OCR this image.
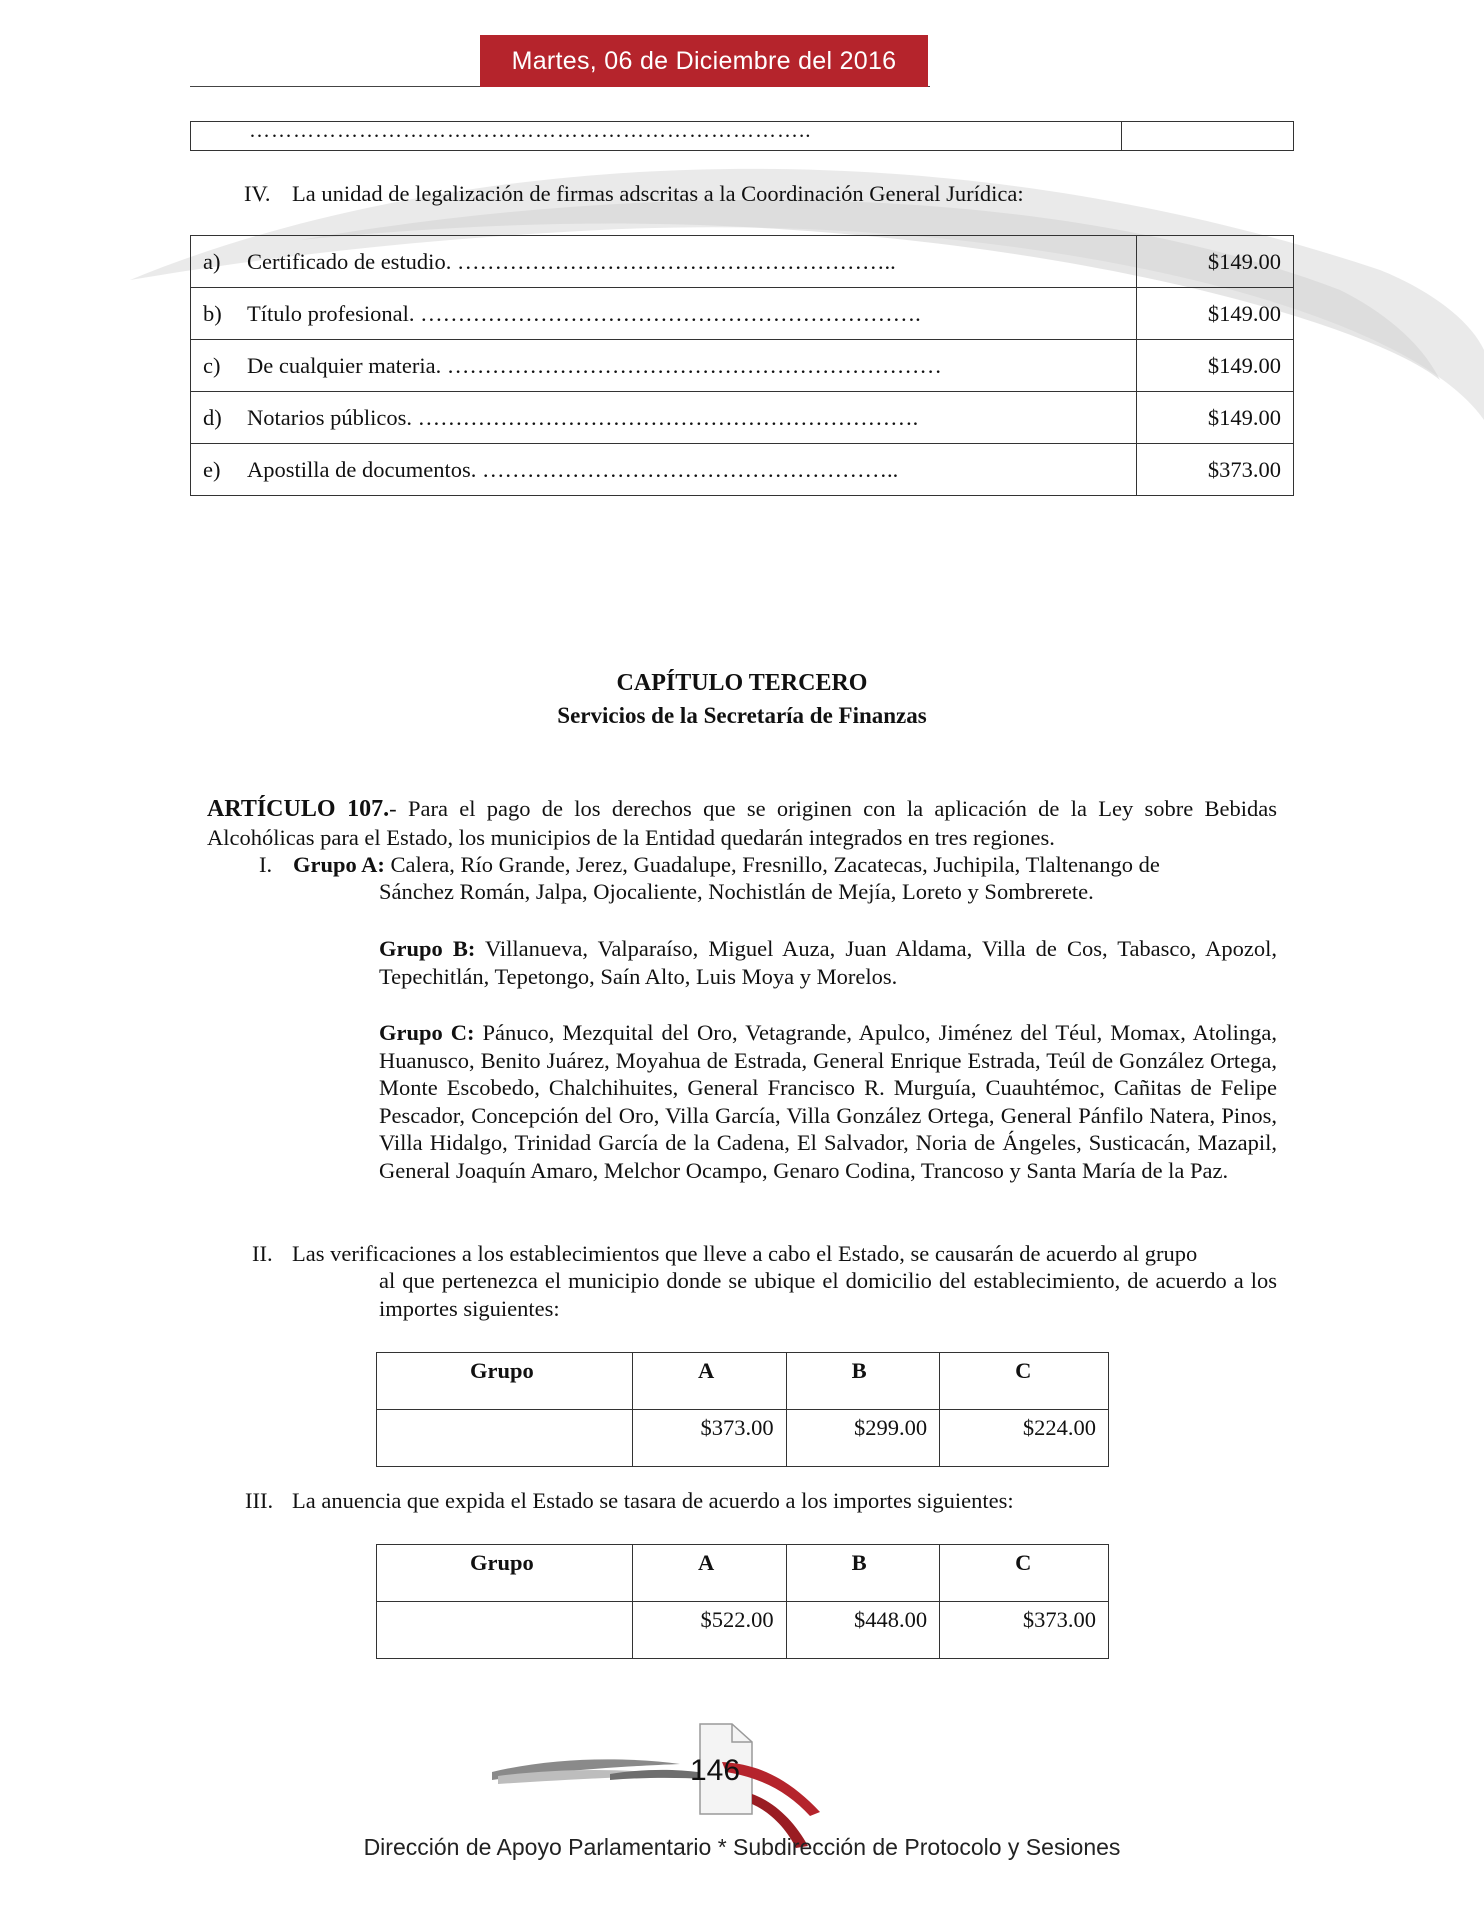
Martes, 06 de Diciembre del 2016
…………………………………………………………………..
IV. La unidad de legalización de firmas adscritas a la Coordinación General Jurídica:
a) Certificado de estudio. …………………………………………………..	$149.00
b) Título profesional. ………………………………………………………….	$149.00
c) De cualquier materia. …………………………………………………………	$149.00
d) Notarios públicos. ………………………………………………………….	$149.00
e) Apostilla de documentos. ………………………………………………..	$373.00
CAPÍTULO TERCERO
Servicios de la Secretaría de Finanzas
ARTÍCULO 107.- Para el pago de los derechos que se originen con la aplicación de la Ley sobre Bebidas Alcohólicas para el Estado, los municipios de la Entidad quedarán integrados en tres regiones.
I. Grupo A: Calera, Río Grande, Jerez, Guadalupe, Fresnillo, Zacatecas, Juchipila, Tlaltenango de
Sánchez Román, Jalpa, Ojocaliente, Nochistlán de Mejía, Loreto y Sombrerete.
Grupo B: Villanueva, Valparaíso, Miguel Auza, Juan Aldama, Villa de Cos, Tabasco, Apozol, Tepechitlán, Tepetongo, Saín Alto, Luis Moya y Morelos.
Grupo C: Pánuco, Mezquital del Oro, Vetagrande, Apulco, Jiménez del Téul, Momax, Atolinga, Huanusco, Benito Juárez, Moyahua de Estrada, General Enrique Estrada, Teúl de González Ortega, Monte Escobedo, Chalchihuites, General Francisco R. Murguía, Cuauhtémoc, Cañitas de Felipe Pescador, Concepción del Oro, Villa García, Villa González Ortega, General Pánfilo Natera, Pinos, Villa Hidalgo, Trinidad García de la Cadena, El Salvador, Noria de Ángeles, Susticacán, Mazapil, General Joaquín Amaro, Melchor Ocampo, Genaro Codina, Trancoso y Santa María de la Paz.
II. Las verificaciones a los establecimientos que lleve a cabo el Estado, se causarán de acuerdo al grupo
al que pertenezca el municipio donde se ubique el domicilio del establecimiento, de acuerdo a los importes siguientes:
Grupo	A	B	C
	$373.00	$299.00	$224.00
III. La anuencia que expida el Estado se tasara de acuerdo a los importes siguientes:
Grupo	A	B	C
	$522.00	$448.00	$373.00
146
Dirección de Apoyo Parlamentario * Subdirección de Protocolo y Sesiones
